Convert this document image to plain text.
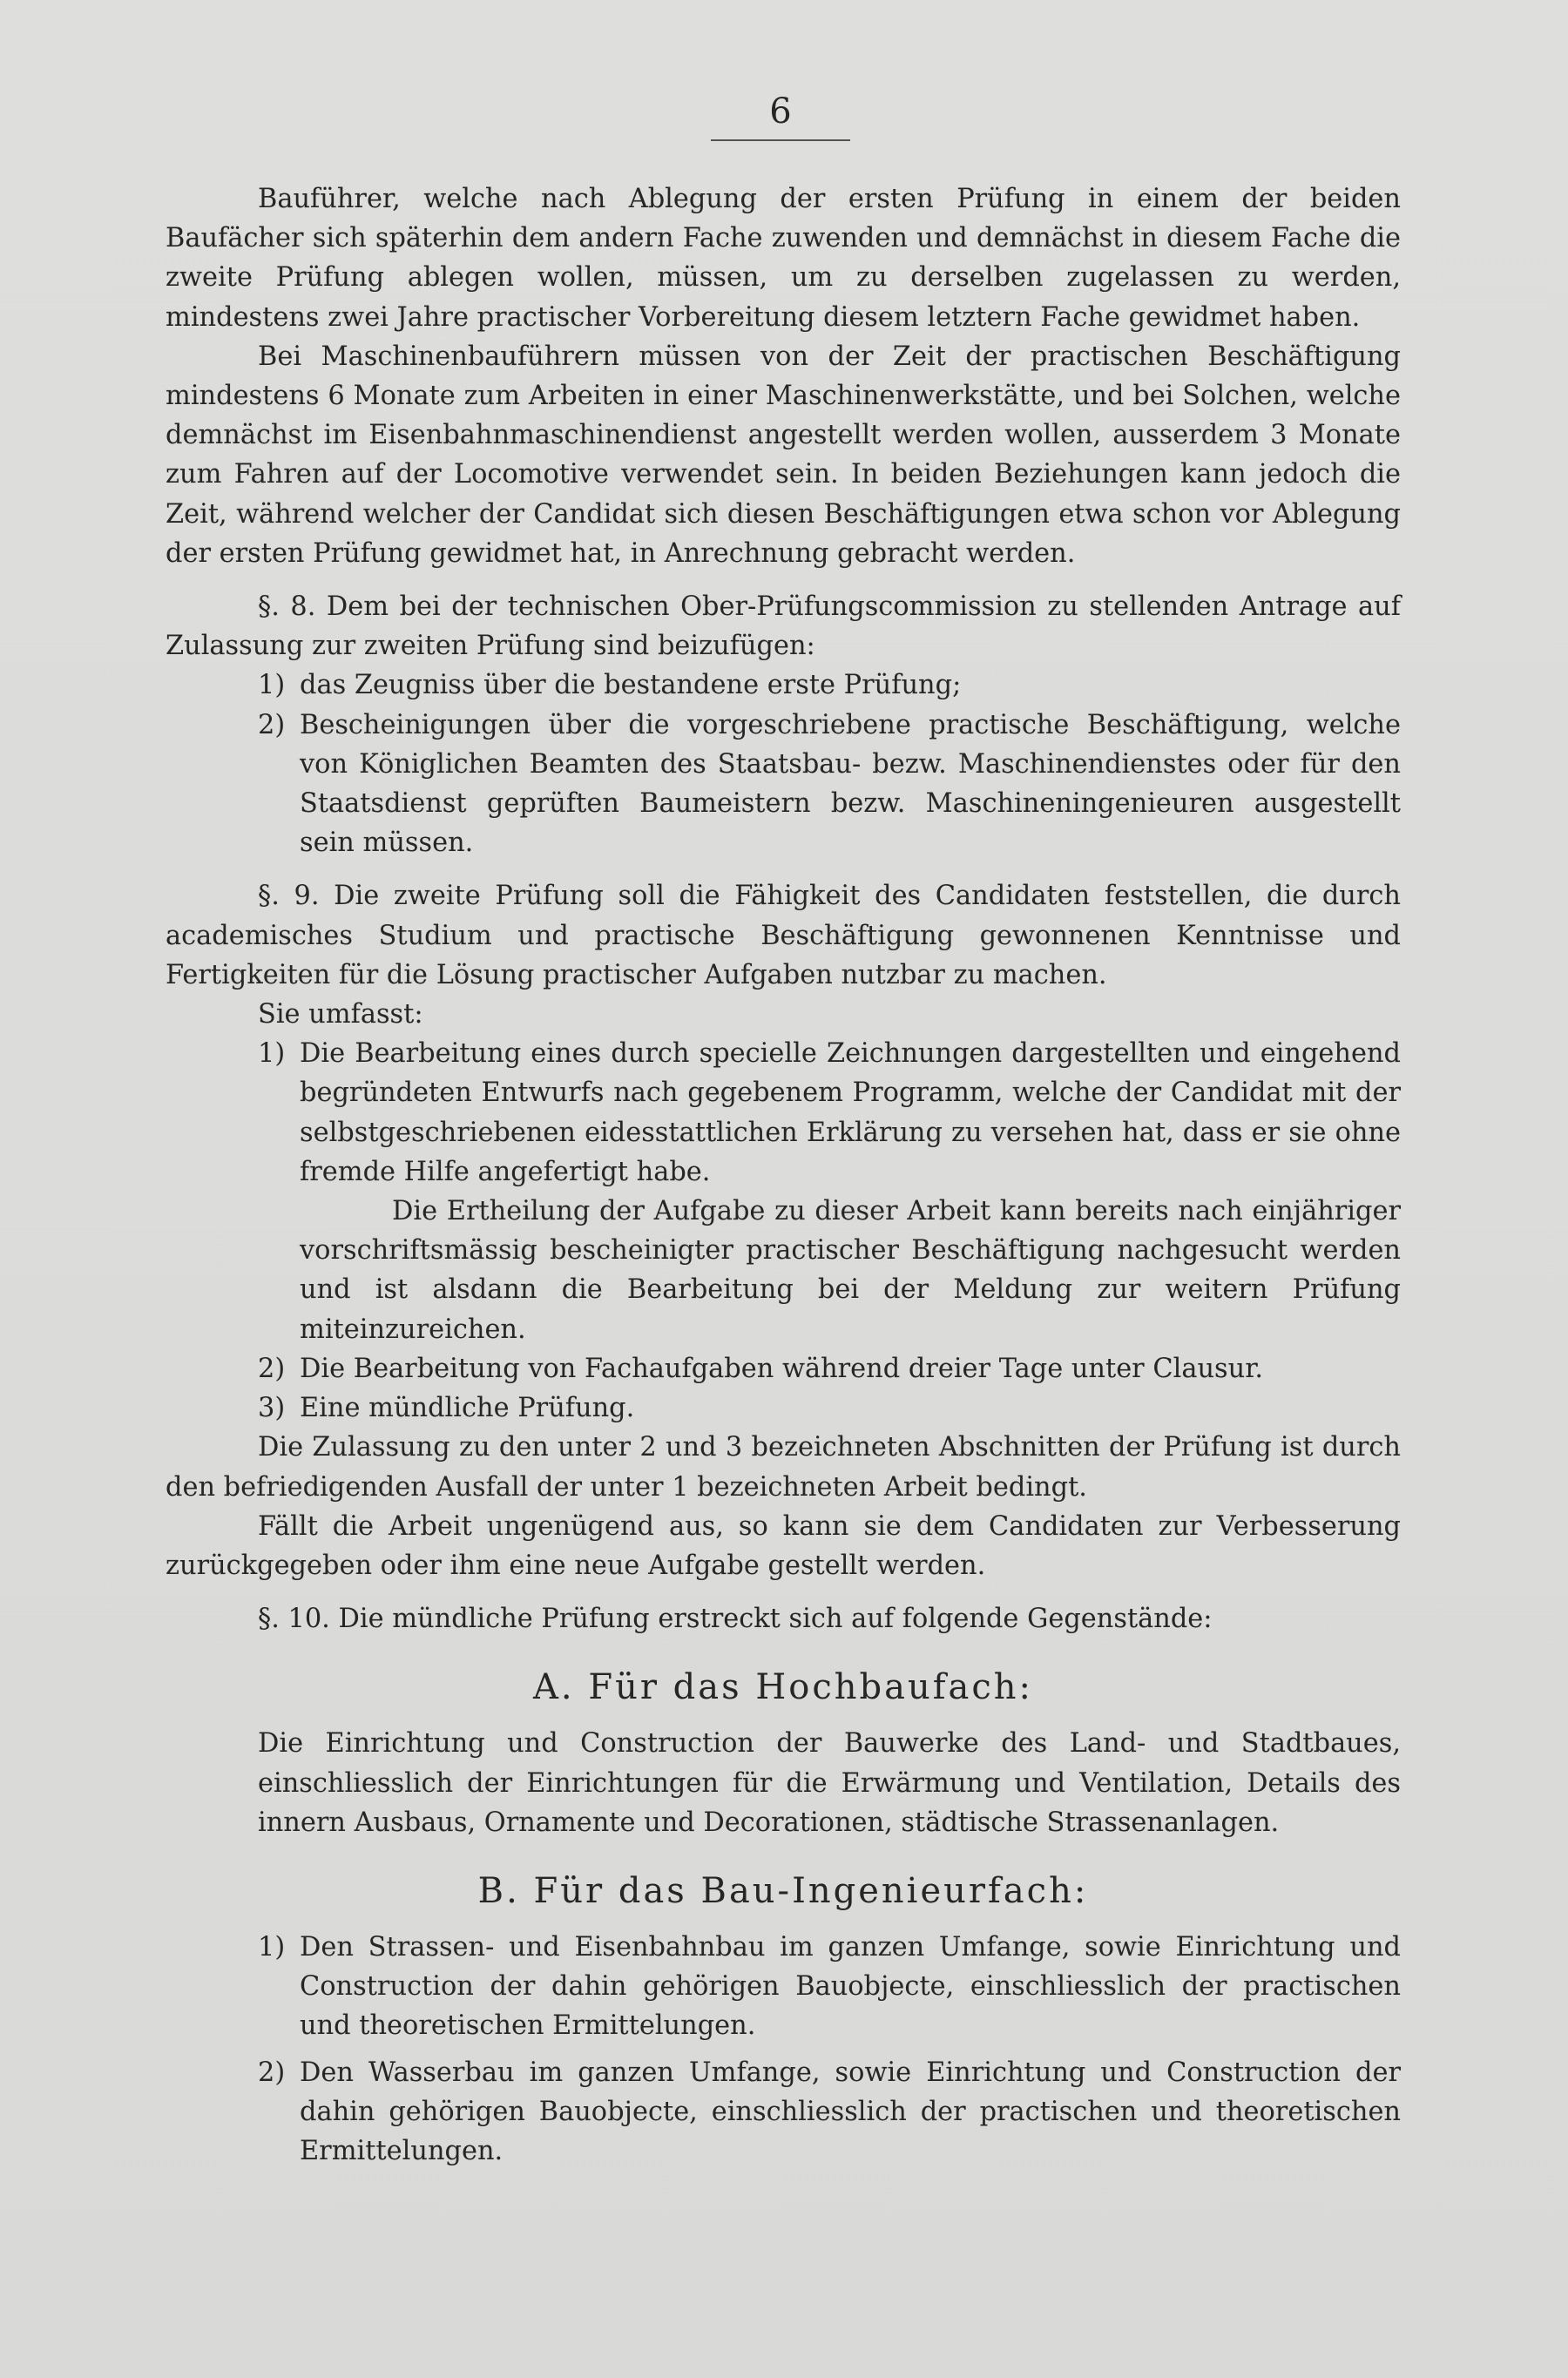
6

Bauführer, welche nach Ablegung der ersten Prüfung in einem der beiden Baufächer sich späterhin dem andern Fache zuwenden und demnächst in diesem Fache die zweite Prüfung ablegen wollen, müssen, um zu derselben zugelassen zu werden, mindestens zwei Jahre practischer Vorbereitung diesem letztern Fache gewidmet haben.

Bei Maschinenbauführern müssen von der Zeit der practischen Beschäftigung mindestens 6 Monate zum Arbeiten in einer Maschinenwerkstätte, und bei Solchen, welche demnächst im Eisenbahnmaschinendienst angestellt werden wollen, ausserdem 3 Monate zum Fahren auf der Locomotive verwendet sein. In beiden Beziehungen kann jedoch die Zeit, während welcher der Candidat sich diesen Beschäftigungen etwa schon vor Ablegung der ersten Prüfung gewidmet hat, in Anrechnung gebracht werden.

§. 8. Dem bei der technischen Ober-Prüfungscommission zu stellenden Antrage auf Zulassung zur zweiten Prüfung sind beizufügen:

1) das Zeugniss über die bestandene erste Prüfung;
2) Bescheinigungen über die vorgeschriebene practische Beschäftigung, welche von Königlichen Beamten des Staatsbau- bezw. Maschinendienstes oder für den Staatsdienst geprüften Baumeistern bezw. Maschineningenieuren ausgestellt sein müssen.

§. 9. Die zweite Prüfung soll die Fähigkeit des Candidaten feststellen, die durch academisches Studium und practische Beschäftigung gewonnenen Kenntnisse und Fertigkeiten für die Lösung practischer Aufgaben nutzbar zu machen.

Sie umfasst:

1) Die Bearbeitung eines durch specielle Zeichnungen dargestellten und eingehend begründeten Entwurfs nach gegebenem Programm, welche der Candidat mit der selbstgeschriebenen eidesstattlichen Erklärung zu versehen hat, dass er sie ohne fremde Hilfe angefertigt habe.

Die Ertheilung der Aufgabe zu dieser Arbeit kann bereits nach einjähriger vorschriftsmässig bescheinigter practischer Beschäftigung nachgesucht werden und ist alsdann die Bearbeitung bei der Meldung zur weitern Prüfung miteinzureichen.

2) Die Bearbeitung von Fachaufgaben während dreier Tage unter Clausur.
3) Eine mündliche Prüfung.

Die Zulassung zu den unter 2 und 3 bezeichneten Abschnitten der Prüfung ist durch den befriedigenden Ausfall der unter 1 bezeichneten Arbeit bedingt.

Fällt die Arbeit ungenügend aus, so kann sie dem Candidaten zur Verbesserung zurückgegeben oder ihm eine neue Aufgabe gestellt werden.

§. 10. Die mündliche Prüfung erstreckt sich auf folgende Gegenstände:

A. Für das Hochbaufach:

Die Einrichtung und Construction der Bauwerke des Land- und Stadtbaues, einschliesslich der Einrichtungen für die Erwärmung und Ventilation, Details des innern Ausbaus, Ornamente und Decorationen, städtische Strassenanlagen.

B. Für das Bau-Ingenieurfach:

1) Den Strassen- und Eisenbahnbau im ganzen Umfange, sowie Einrichtung und Construction der dahin gehörigen Bauobjecte, einschliesslich der practischen und theoretischen Ermittelungen.
2) Den Wasserbau im ganzen Umfange, sowie Einrichtung und Construction der dahin gehörigen Bauobjecte, einschliesslich der practischen und theoretischen Ermittelungen.
